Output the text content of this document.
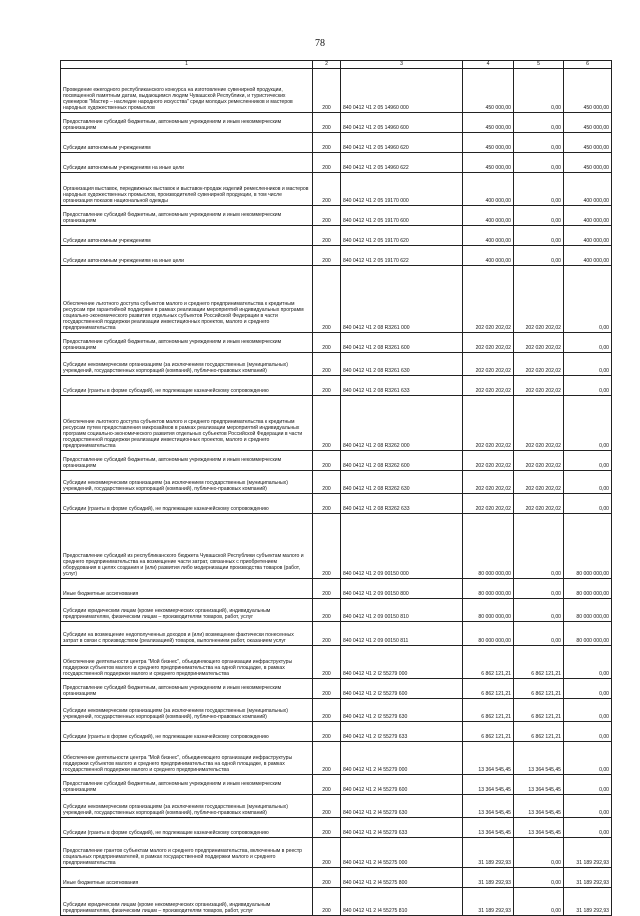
78
1	2	3	4	5	6
Проведение ежегодного республиканского конкурса на изготовление сувенирной продукции, посвященной памятным датам, выдающимся людям Чувашской Республики, и туристических сувениров "Мастер – наследие народного искусства" среди молодых ремесленников и мастеров народных художественных промыслов	200	840 0412 Ч1 2 05 14960 000	450 000,00	0,00	450 000,00
Предоставление субсидий бюджетным, автономным учреждениям и иным некоммерческим организациям	200	840 0412 Ч1 2 05 14960 600	450 000,00	0,00	450 000,00
Субсидии автономным учреждениям	200	840 0412 Ч1 2 05 14960 620	450 000,00	0,00	450 000,00
Субсидии автономным учреждениям на иные цели	200	840 0412 Ч1 2 05 14960 622	450 000,00	0,00	450 000,00
Организация выставок, передвижных выставок и выставок-продаж изделий ремесленников и мастеров народных художественных промыслов, производителей сувенирной продукции, в том числе организация показов национальной одежды	200	840 0412 Ч1 2 05 19170 000	400 000,00	0,00	400 000,00
Предоставление субсидий бюджетным, автономным учреждениям и иным некоммерческим организациям	200	840 0412 Ч1 2 05 19170 600	400 000,00	0,00	400 000,00
Субсидии автономным учреждениям	200	840 0412 Ч1 2 05 19170 620	400 000,00	0,00	400 000,00
Субсидии автономным учреждениям на иные цели	200	840 0412 Ч1 2 05 19170 622	400 000,00	0,00	400 000,00
Обеспечение льготного доступа субъектов малого и среднего предпринимательства к кредитным ресурсам при гарантийной поддержке в рамках реализации мероприятий индивидуальных программ социально-экономического развития отдельных субъектов Российской Федерации в части государственной поддержки реализации инвестиционных проектов, малого и среднего предпринимательства	200	840 0412 Ч1 2 08 R3261 000	202 020 202,02	202 020 202,02	0,00
Предоставление субсидий бюджетным, автономным учреждениям и иным некоммерческим организациям	200	840 0412 Ч1 2 08 R3261 600	202 020 202,02	202 020 202,02	0,00
Субсидии некоммерческим организациям (за исключением государственных (муниципальных) учреждений, государственных корпораций (компаний), публично-правовых компаний)	200	840 0412 Ч1 2 08 R3261 630	202 020 202,02	202 020 202,02	0,00
Субсидии (гранты в форме субсидий), не подлежащие казначейскому сопровождению	200	840 0412 Ч1 2 08 R3261 633	202 020 202,02	202 020 202,02	0,00
Обеспечение льготного доступа субъектов малого и среднего предпринимательства к кредитным ресурсам путем предоставления микрозаймов в рамках реализации мероприятий индивидуальных программ социально-экономического развития отдельных субъектов Российской Федерации в части государственной поддержки реализации инвестиционных проектов, малого и среднего предпринимательства	200	840 0412 Ч1 2 08 R3262 000	202 020 202,02	202 020 202,02	0,00
Предоставление субсидий бюджетным, автономным учреждениям и иным некоммерческим организациям	200	840 0412 Ч1 2 08 R3262 600	202 020 202,02	202 020 202,02	0,00
Субсидии некоммерческим организациям (за исключением государственных (муниципальных) учреждений, государственных корпораций (компаний), публично-правовых компаний)	200	840 0412 Ч1 2 08 R3262 630	202 020 202,02	202 020 202,02	0,00
Субсидии (гранты в форме субсидий), не подлежащие казначейскому сопровождению	200	840 0412 Ч1 2 08 R3262 633	202 020 202,02	202 020 202,02	0,00
Предоставление субсидий из республиканского бюджета Чувашской Республики субъектам малого и среднего предпринимательства на возмещение части затрат, связанных с приобретением оборудования в целях создания и (или) развития либо модернизации производства товаров (работ, услуг)	200	840 0412 Ч1 2 09 00150 000	80 000 000,00	0,00	80 000 000,00
Иные бюджетные ассигнования	200	840 0412 Ч1 2 09 00150 800	80 000 000,00	0,00	80 000 000,00
Субсидии юридическим лицам (кроме некоммерческих организаций), индивидуальным предпринимателям, физическим лицам – производителям товаров, работ, услуг	200	840 0412 Ч1 2 09 00150 810	80 000 000,00	0,00	80 000 000,00
Субсидии на возмещение недополученных доходов и (или) возмещение фактически понесенных затрат в связи с производством (реализацией) товаров, выполнением работ, оказанием услуг	200	840 0412 Ч1 2 09 00150 811	80 000 000,00	0,00	80 000 000,00
Обеспечение деятельности центра "Мой бизнес", объединяющего организации инфраструктуры поддержки субъектов малого и среднего предпринимательства на одной площадке, в рамках государственной поддержки малого и среднего предпринимательства	200	840 0412 Ч1 2 I2 55279 000	6 862 121,21	6 862 121,21	0,00
Предоставление субсидий бюджетным, автономным учреждениям и иным некоммерческим организациям	200	840 0412 Ч1 2 I2 55279 600	6 862 121,21	6 862 121,21	0,00
Субсидии некоммерческим организациям (за исключением государственных (муниципальных) учреждений, государственных корпораций (компаний), публично-правовых компаний)	200	840 0412 Ч1 2 I2 55279 630	6 862 121,21	6 862 121,21	0,00
Субсидии (гранты в форме субсидий), не подлежащие казначейскому сопровождению	200	840 0412 Ч1 2 I2 55279 633	6 862 121,21	6 862 121,21	0,00
Обеспечение деятельности центра "Мой бизнес", объединяющего организации инфраструктуры поддержки субъектов малого и среднего предпринимательства на одной площадке, в рамках государственной поддержки малого и среднего предпринимательства	200	840 0412 Ч1 2 I4 55279 000	13 364 545,45	13 364 545,45	0,00
Предоставление субсидий бюджетным, автономным учреждениям и иным некоммерческим организациям	200	840 0412 Ч1 2 I4 55279 600	13 364 545,45	13 364 545,45	0,00
Субсидии некоммерческим организациям (за исключением государственных (муниципальных) учреждений, государственных корпораций (компаний), публично-правовых компаний)	200	840 0412 Ч1 2 I4 55279 630	13 364 545,45	13 364 545,45	0,00
Субсидии (гранты в форме субсидий), не подлежащие казначейскому сопровождению	200	840 0412 Ч1 2 I4 55279 633	13 364 545,45	13 364 545,45	0,00
Предоставление грантов субъектам малого и среднего предпринимательства, включенным в реестр социальных предпринимателей, в рамках государственной поддержки малого и среднего предпринимательства	200	840 0412 Ч1 2 I4 55275 000	31 189 292,93	0,00	31 189 292,93
Иные бюджетные ассигнования	200	840 0412 Ч1 2 I4 55275 800	31 189 292,93	0,00	31 189 292,93
Субсидии юридическим лицам (кроме некоммерческих организаций), индивидуальным предпринимателям, физическим лицам – производителям товаров, работ, услуг	200	840 0412 Ч1 2 I4 55275 810	31 189 292,93	0,00	31 189 292,93
